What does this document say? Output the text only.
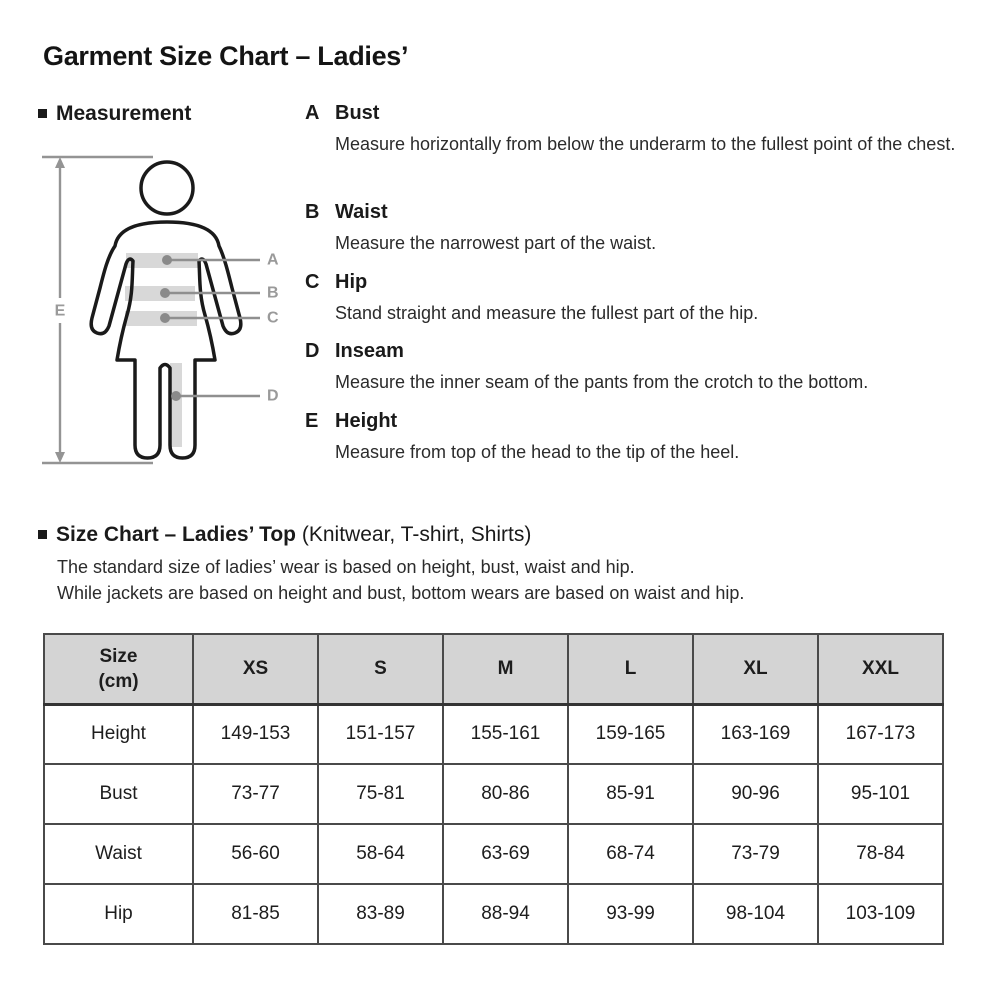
Garment Size Chart – Ladies’
Measurement
E
A
B
C
D
A Bust
Measure horizontally from below the underarm to the fullest point of the chest.
B Waist
Measure the narrowest part of the waist.
C Hip
Stand straight and measure the fullest part of the hip.
D Inseam
Measure the inner seam of the pants from the crotch to the bottom.
E Height
Measure from top of the head to the tip of the heel.
Size Chart – Ladies’ Top
(Knitwear, T-shirt, Shirts)
The standard size of ladies’ wear is based on height, bust, waist and hip.
While jackets are based on height and bust, bottom wears are based on waist and hip.
Size
(cm)	XS	S	M	L	XL	XXL
Height	149-153	151-157	155-161	159-165	163-169	167-173
Bust	73-77	75-81	80-86	85-91	90-96	95-101
Waist	56-60	58-64	63-69	68-74	73-79	78-84
Hip	81-85	83-89	88-94	93-99	98-104	103-109
